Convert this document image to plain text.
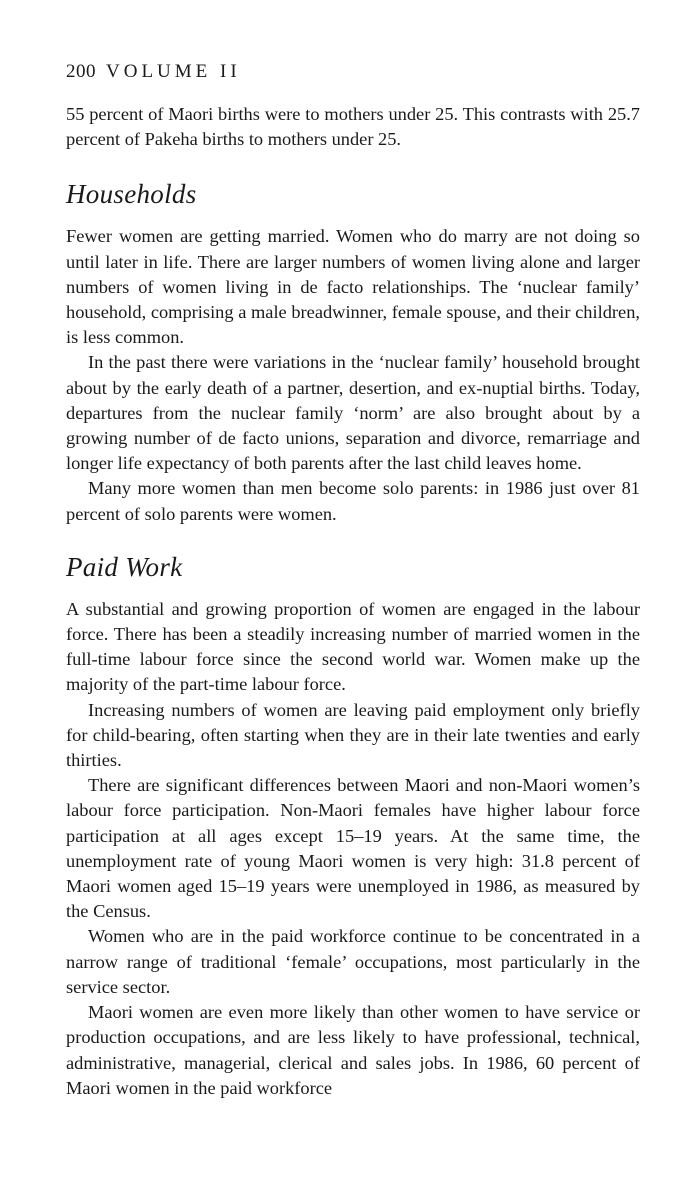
200 VOLUME II

55 percent of Maori births were to mothers under 25. This contrasts with 25.7 percent of Pakeha births to mothers under 25.

Households

Fewer women are getting married. Women who do marry are not doing so until later in life. There are larger numbers of women living alone and larger numbers of women living in de facto relationships. The ‘nuclear family’ household, comprising a male breadwinner, female spouse, and their children, is less common.

In the past there were variations in the ‘nuclear family’ household brought about by the early death of a partner, desertion, and ex-nuptial births. Today, departures from the nuclear family ‘norm’ are also brought about by a growing number of de facto unions, separation and divorce, remarriage and longer life expectancy of both parents after the last child leaves home.

Many more women than men become solo parents: in 1986 just over 81 percent of solo parents were women.

Paid Work

A substantial and growing proportion of women are engaged in the labour force. There has been a steadily increasing number of married women in the full-time labour force since the second world war. Women make up the majority of the part-time labour force.

Increasing numbers of women are leaving paid employment only briefly for child-bearing, often starting when they are in their late twenties and early thirties.

There are significant differences between Maori and non-Maori women’s labour force participation. Non-Maori females have higher labour force participation at all ages except 15–19 years. At the same time, the unemployment rate of young Maori women is very high: 31.8 percent of Maori women aged 15–19 years were unemployed in 1986, as measured by the Census.

Women who are in the paid workforce continue to be concentrated in a narrow range of traditional ‘female’ occupations, most particularly in the service sector.

Maori women are even more likely than other women to have service or production occupations, and are less likely to have professional, technical, administrative, managerial, clerical and sales jobs. In 1986, 60 percent of Maori women in the paid workforce
